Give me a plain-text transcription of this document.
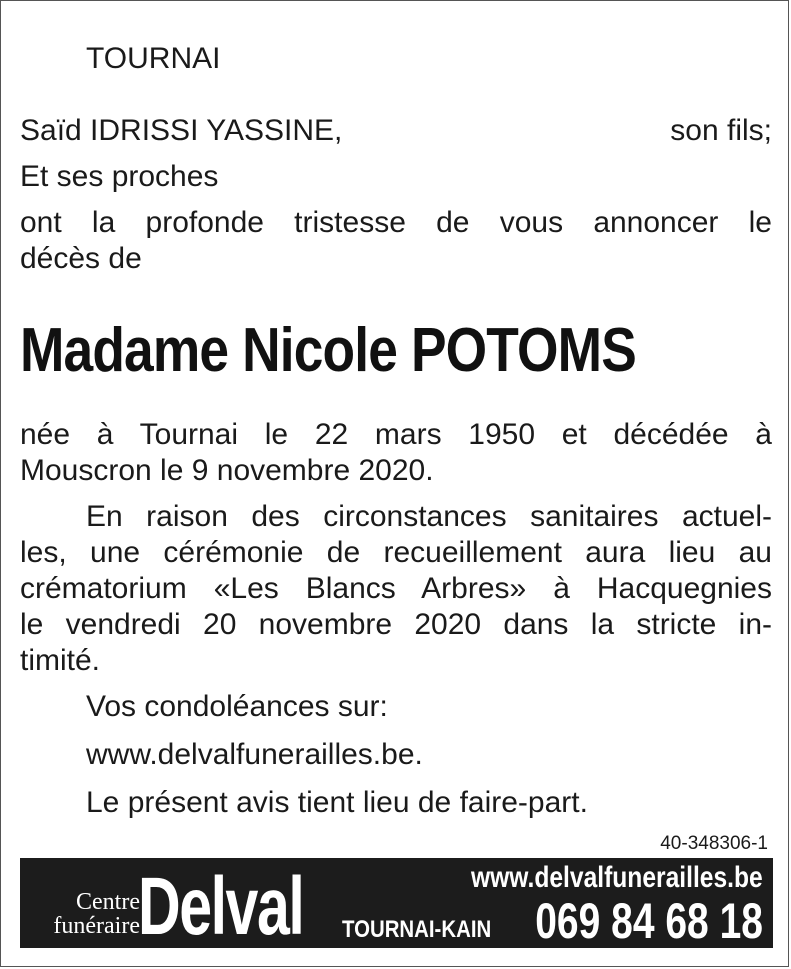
TOURNAI
Saïd IDRISSI YASSINE,	son fils;
Et ses proches
ont la profonde tristesse de vous annoncer le
décès de
Madame Nicole POTOMS
née à Tournai le 22 mars 1950 et décédée à
Mouscron le 9 novembre 2020.
En raison des circonstances sanitaires actuel-
les, une cérémonie de recueillement aura lieu au
crématorium «Les Blancs Arbres» à Hacquegnies
le vendredi 20 novembre 2020 dans la stricte in-
timité.
Vos condoléances sur:
www.delvalfunerailles.be.
Le présent avis tient lieu de faire-part.
40-348306-1
www.delvalfunerailles.be
Centre
funéraire
Delval TOURNAI-KAIN 069 84 68 18
